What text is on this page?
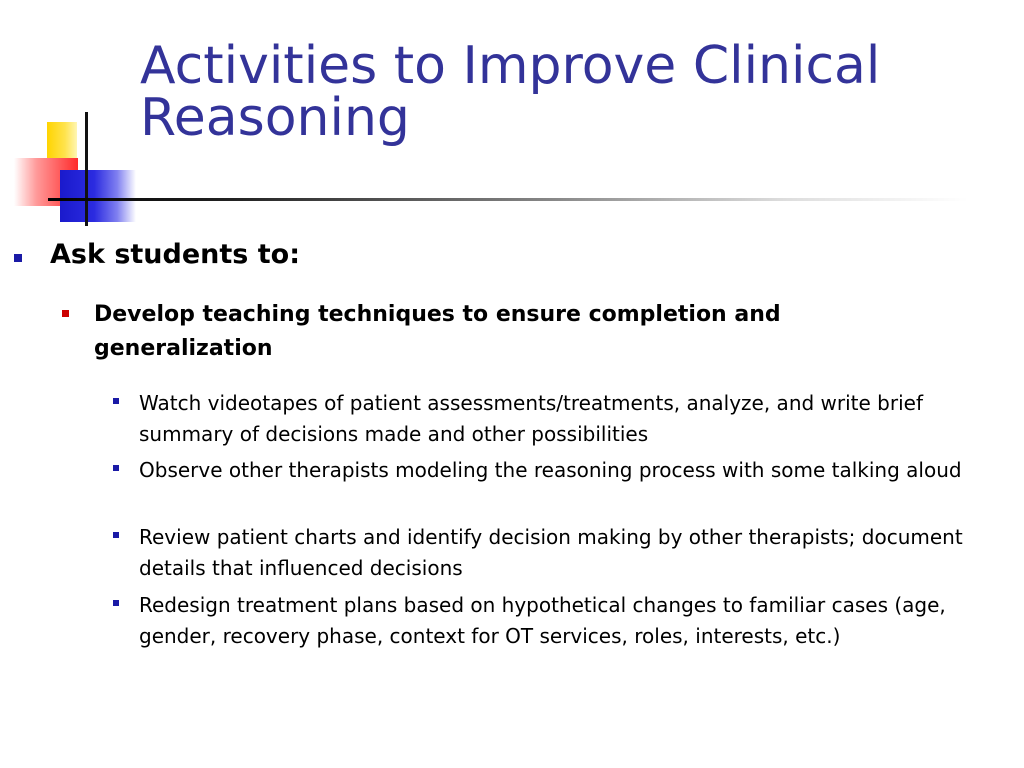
Activities to Improve Clinical Reasoning
Ask students to:
Develop teaching techniques to ensure completion and generalization
Watch videotapes of patient assessments/treatments, analyze, and write brief summary of decisions made and other possibilities
Observe other therapists modeling the reasoning process with some talking aloud
Review patient charts and identify decision making by other therapists; document details that influenced decisions
Redesign treatment plans based on hypothetical changes to familiar cases (age, gender, recovery phase, context for OT services, roles, interests, etc.)
